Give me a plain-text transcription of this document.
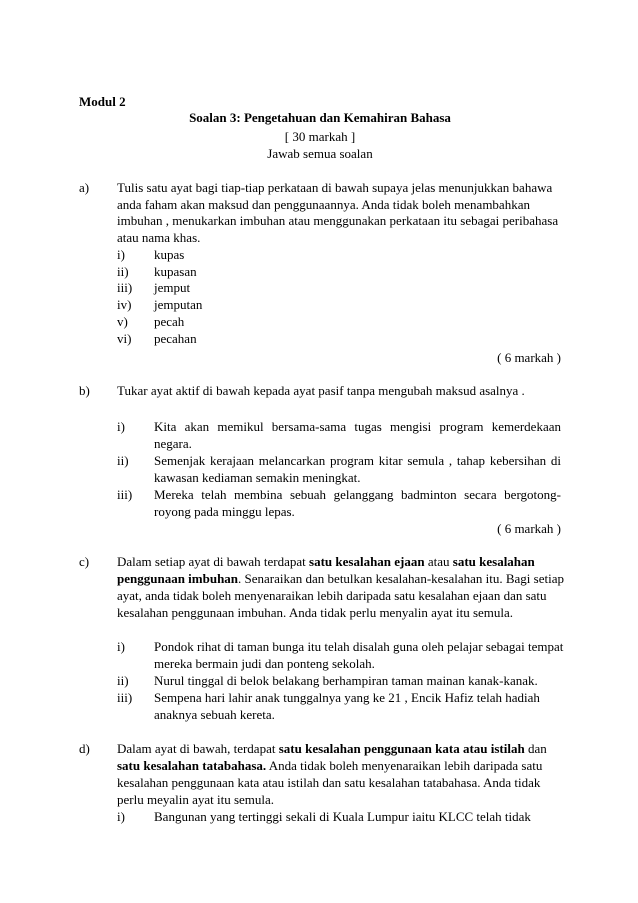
Modul 2
Soalan 3: Pengetahuan dan Kemahiran Bahasa
[ 30 markah ]
Jawab semua soalan
a) Tulis satu ayat bagi tiap-tiap perkataan di bawah supaya jelas menunjukkan bahawa
anda faham akan maksud dan penggunaannya. Anda tidak boleh menambahkan
imbuhan , menukarkan imbuhan atau menggunakan perkataan itu sebagai peribahasa
atau nama khas.
i) kupas
ii) kupasan
iii) jemput
iv) jemputan
v) pecah
vi) pecahan
( 6 markah )
b) Tukar ayat aktif di bawah kepada ayat pasif tanpa mengubah maksud asalnya .
i) Kita akan memikul bersama-sama tugas mengisi program kemerdekaan
negara.
ii) Semenjak kerajaan melancarkan program kitar semula , tahap kebersihan di
kawasan kediaman semakin meningkat.
iii) Mereka telah membina sebuah gelanggang badminton secara bergotong-
royong pada minggu lepas.
( 6 markah )
c) Dalam setiap ayat di bawah terdapat satu kesalahan ejaan atau satu kesalahan
penggunaan imbuhan. Senaraikan dan betulkan kesalahan-kesalahan itu. Bagi setiap
ayat, anda tidak boleh menyenaraikan lebih daripada satu kesalahan ejaan dan satu
kesalahan penggunaan imbuhan. Anda tidak perlu menyalin ayat itu semula.
i) Pondok rihat di taman bunga itu telah disalah guna oleh pelajar sebagai tempat
mereka bermain judi dan ponteng sekolah.
ii) Nurul tinggal di belok belakang berhampiran taman mainan kanak-kanak.
iii) Sempena hari lahir anak tunggalnya yang ke 21 , Encik Hafiz telah hadiah
anaknya sebuah kereta.
d) Dalam ayat di bawah, terdapat satu kesalahan penggunaan kata atau istilah dan
satu kesalahan tatabahasa. Anda tidak boleh menyenaraikan lebih daripada satu
kesalahan penggunaan kata atau istilah dan satu kesalahan tatabahasa. Anda tidak
perlu meyalin ayat itu semula.
i) Bangunan yang tertinggi sekali di Kuala Lumpur iaitu KLCC telah tidak
